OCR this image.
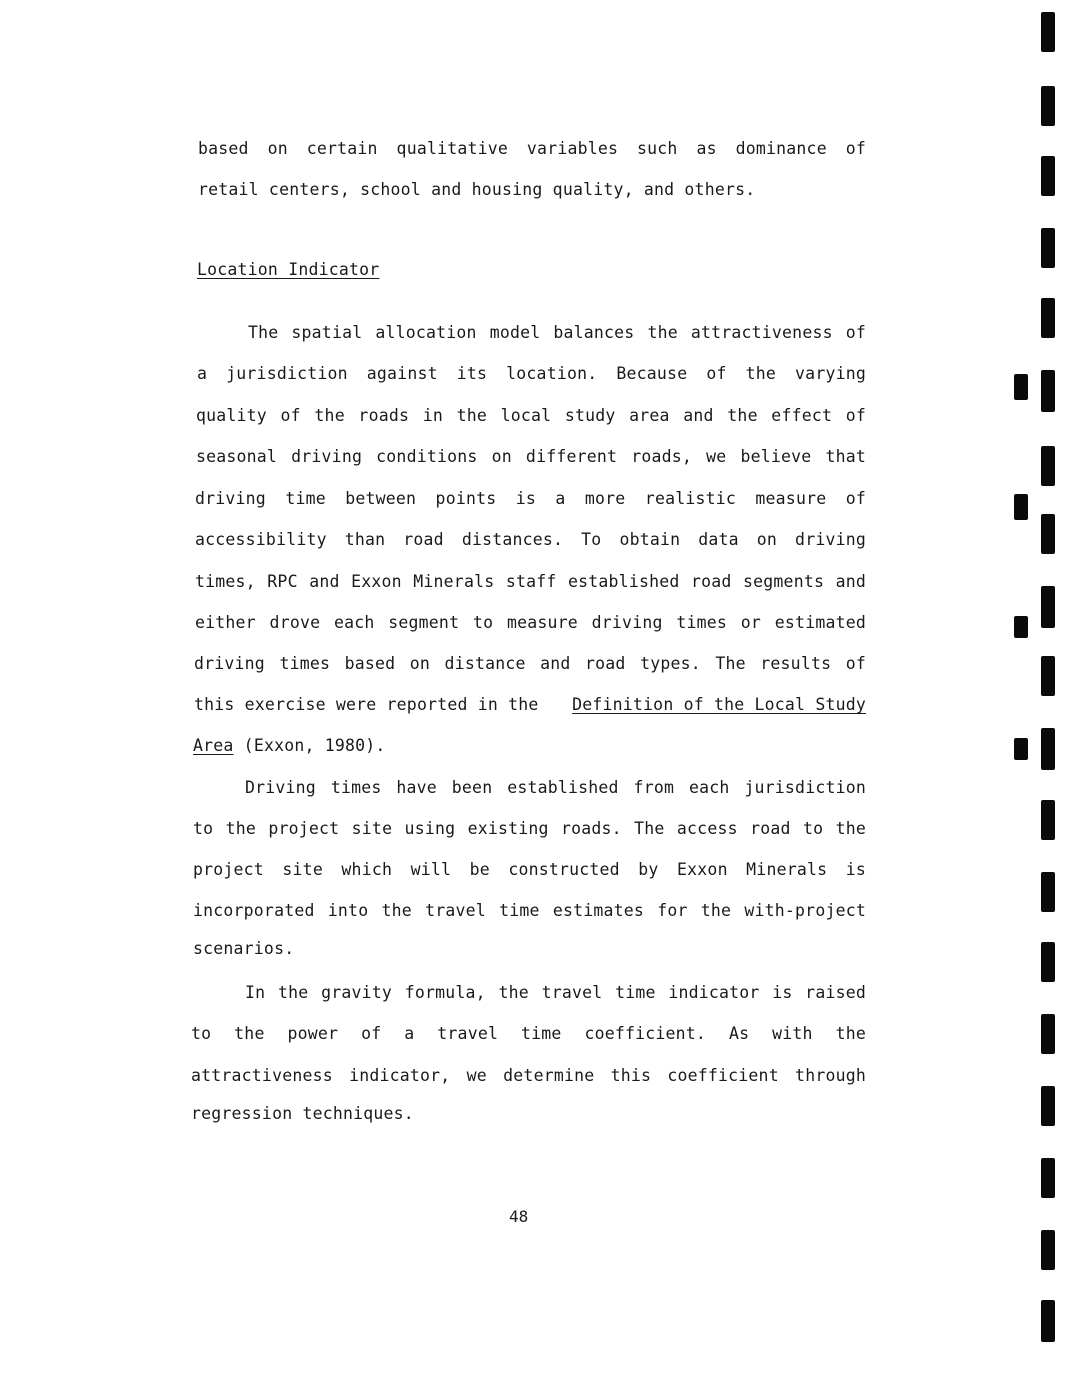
based on certain qualitative variables such as dominance of
retail centers, school and housing quality, and others.
Location Indicator
The spatial allocation model balances the attractiveness of
a jurisdiction against its location. Because of the varying
quality of the roads in the local study area and the effect of
seasonal driving conditions on different roads, we believe that
driving time between points is a more realistic measure of
accessibility than road distances. To obtain data on driving
times, RPC and Exxon Minerals staff established road segments and
either drove each segment to measure driving times or estimated
driving times based on distance and road types. The results of
this exercise were reported in the Definition of the Local Study
Area (Exxon, 1980).
Driving times have been established from each jurisdiction
to the project site using existing roads. The access road to the
project site which will be constructed by Exxon Minerals is
incorporated into the travel time estimates for the with-project
scenarios.
In the gravity formula, the travel time indicator is raised
to the power of a travel time coefficient. As with the
attractiveness indicator, we determine this coefficient through
regression techniques.
48
